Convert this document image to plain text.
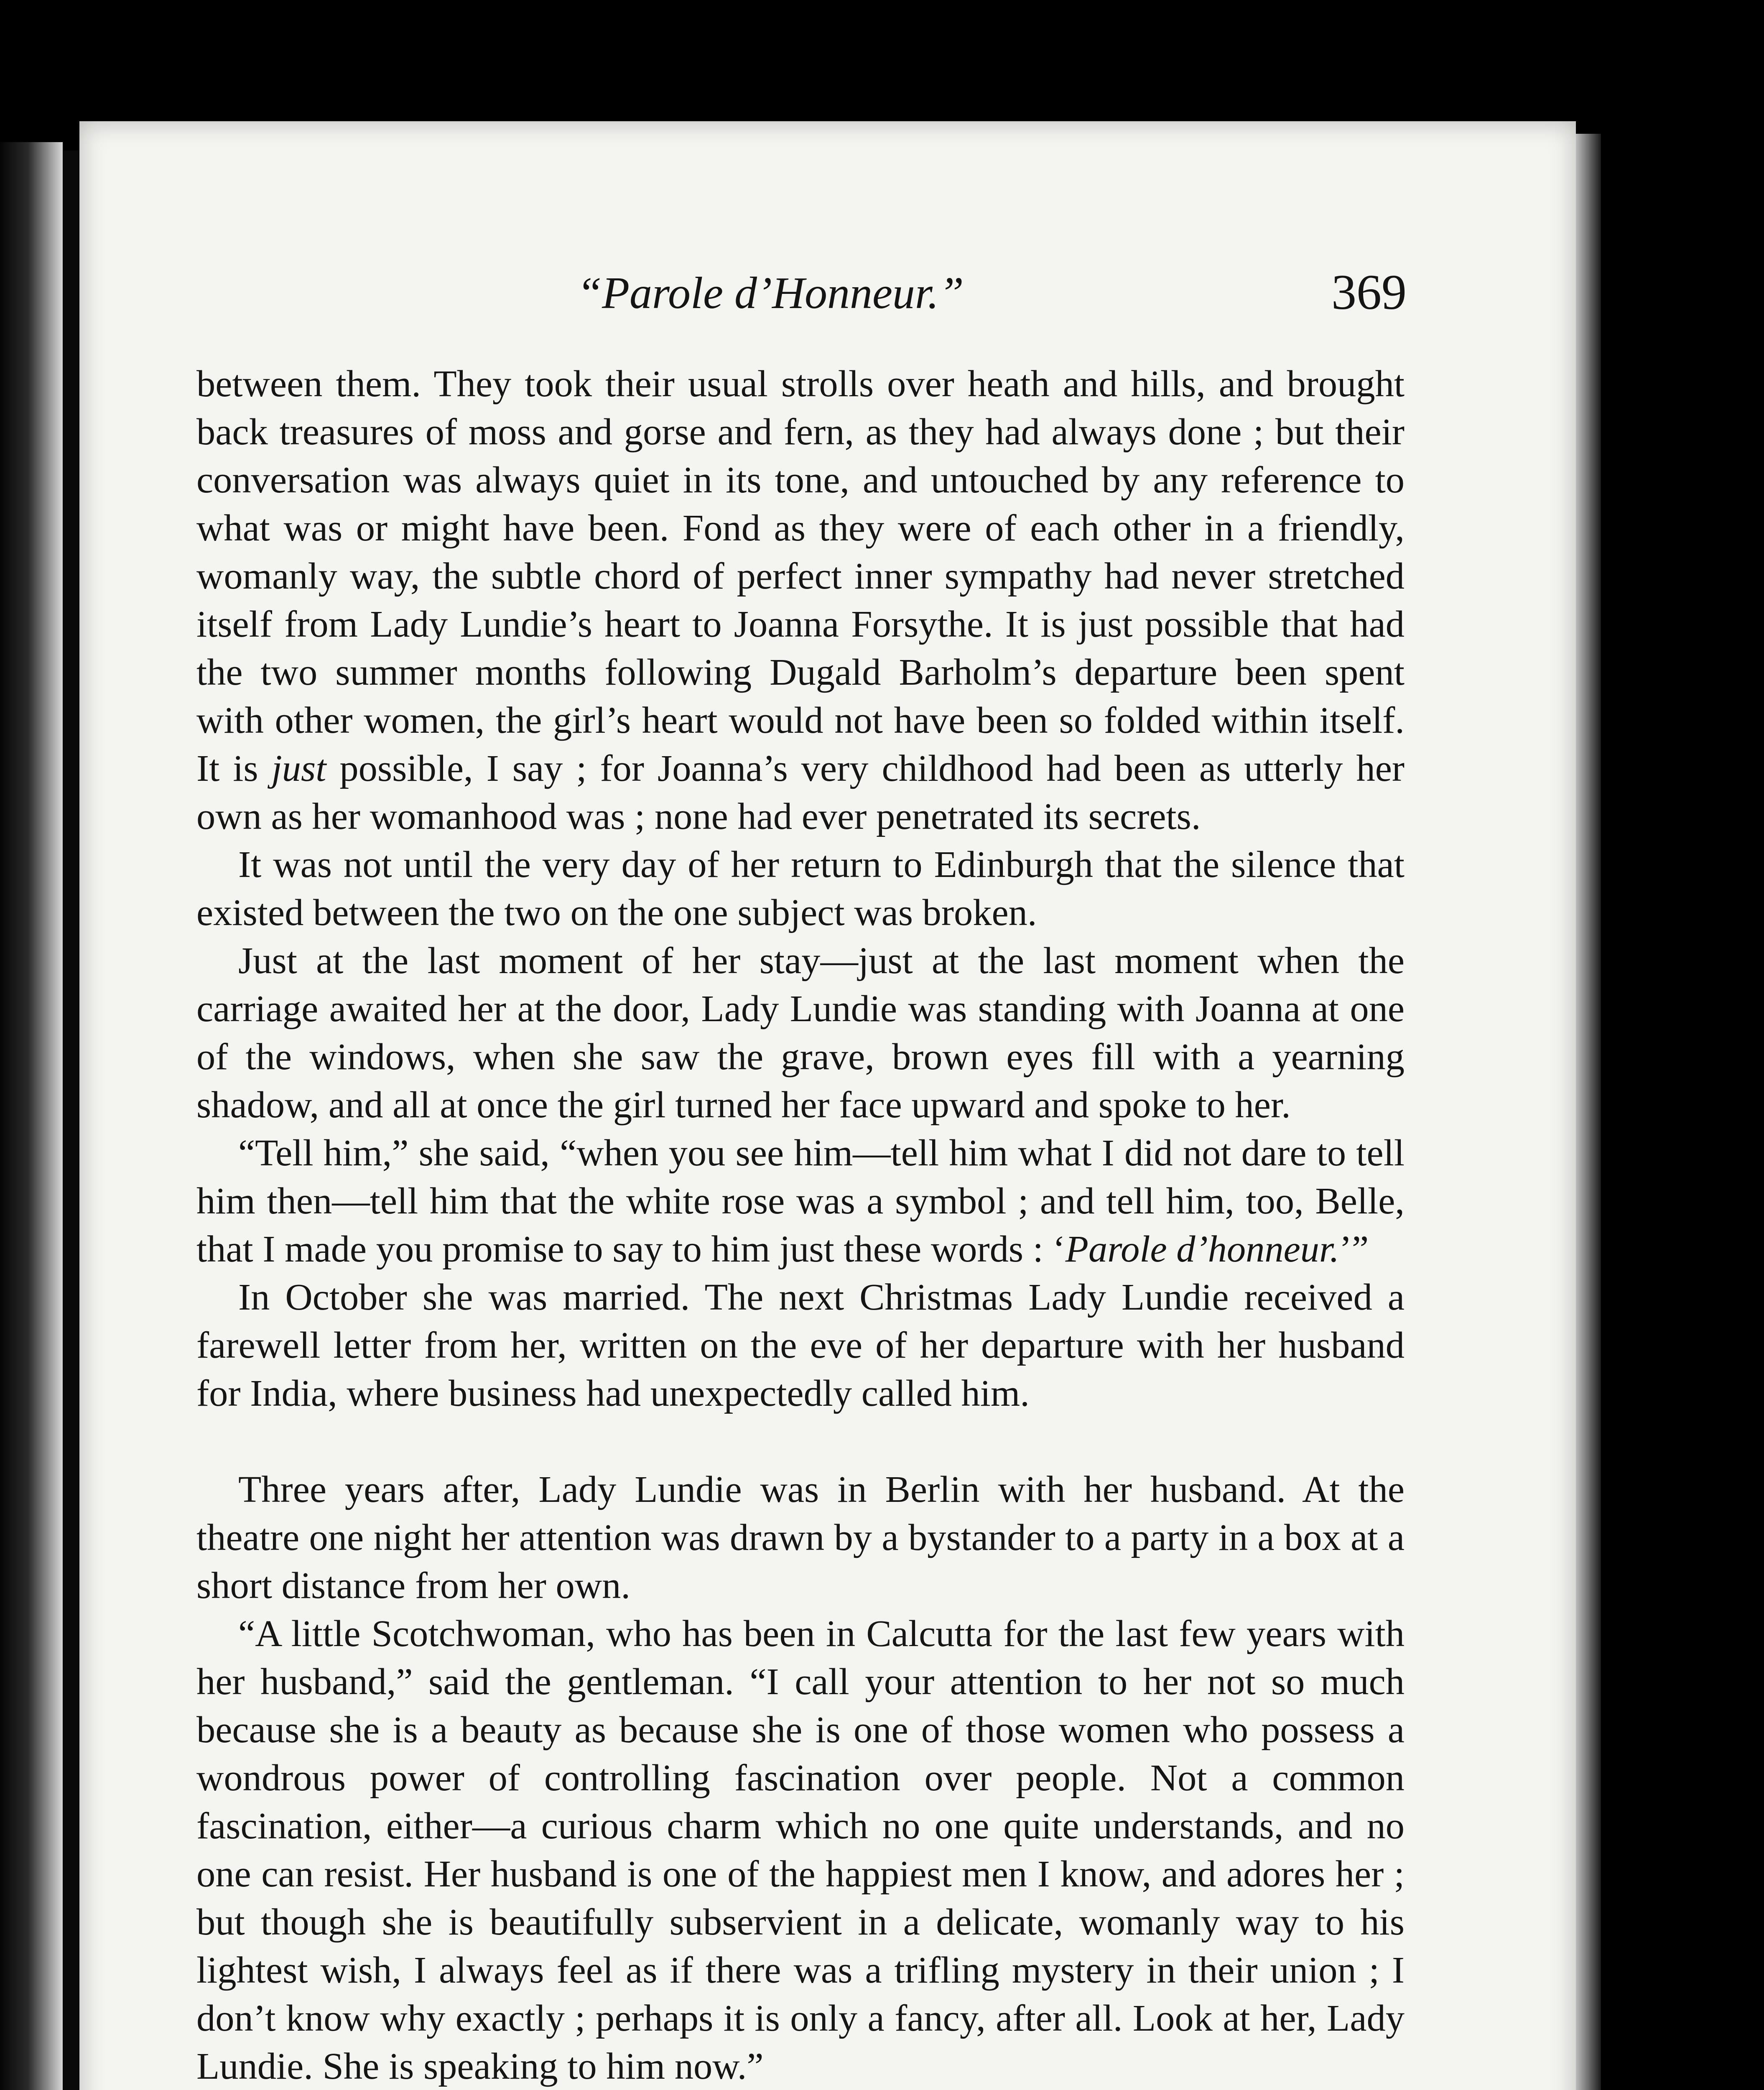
“Parole d’Honneur.”	369

between them. They took their usual strolls over heath and hills, and brought back treasures of moss and gorse and fern, as they had always done ; but their conversation was always quiet in its tone, and untouched by any reference to what was or might have been. Fond as they were of each other in a friendly, womanly way, the subtle chord of perfect inner sympathy had never stretched itself from Lady Lundie’s heart to Joanna Forsythe. It is just possible that had the two summer months following Dugald Barholm’s departure been spent with other women, the girl’s heart would not have been so folded within itself. It is just possible, I say ; for Joanna’s very childhood had been as utterly her own as her womanhood was ; none had ever penetrated its secrets.

It was not until the very day of her return to Edinburgh that the silence that existed between the two on the one subject was broken.

Just at the last moment of her stay—just at the last moment when the carriage awaited her at the door, Lady Lundie was standing with Joanna at one of the windows, when she saw the grave, brown eyes fill with a yearning shadow, and all at once the girl turned her face upward and spoke to her.

“Tell him,” she said, “when you see him—tell him what I did not dare to tell him then—tell him that the white rose was a symbol ; and tell him, too, Belle, that I made you promise to say to him just these words : ‘Parole d’honneur.’”

In October she was married. The next Christmas Lady Lundie received a farewell letter from her, written on the eve of her departure with her husband for India, where business had unexpectedly called him.

Three years after, Lady Lundie was in Berlin with her husband. At the theatre one night her attention was drawn by a bystander to a party in a box at a short distance from her own.

“A little Scotchwoman, who has been in Calcutta for the last few years with her husband,” said the gentleman. “I call your attention to her not so much because she is a beauty as because she is one of those women who possess a wondrous power of controlling fascination over people. Not a common fascination, either—a curious charm which no one quite understands, and no one can resist. Her husband is one of the happiest men I know, and adores her ; but though she is beautifully subservient in a delicate, womanly way to his lightest wish, I always feel as if there was a trifling mystery in their union ; I don’t know why exactly ; perhaps it is only a fancy, after all. Look at her, Lady Lundie. She is speaking to him now.”
